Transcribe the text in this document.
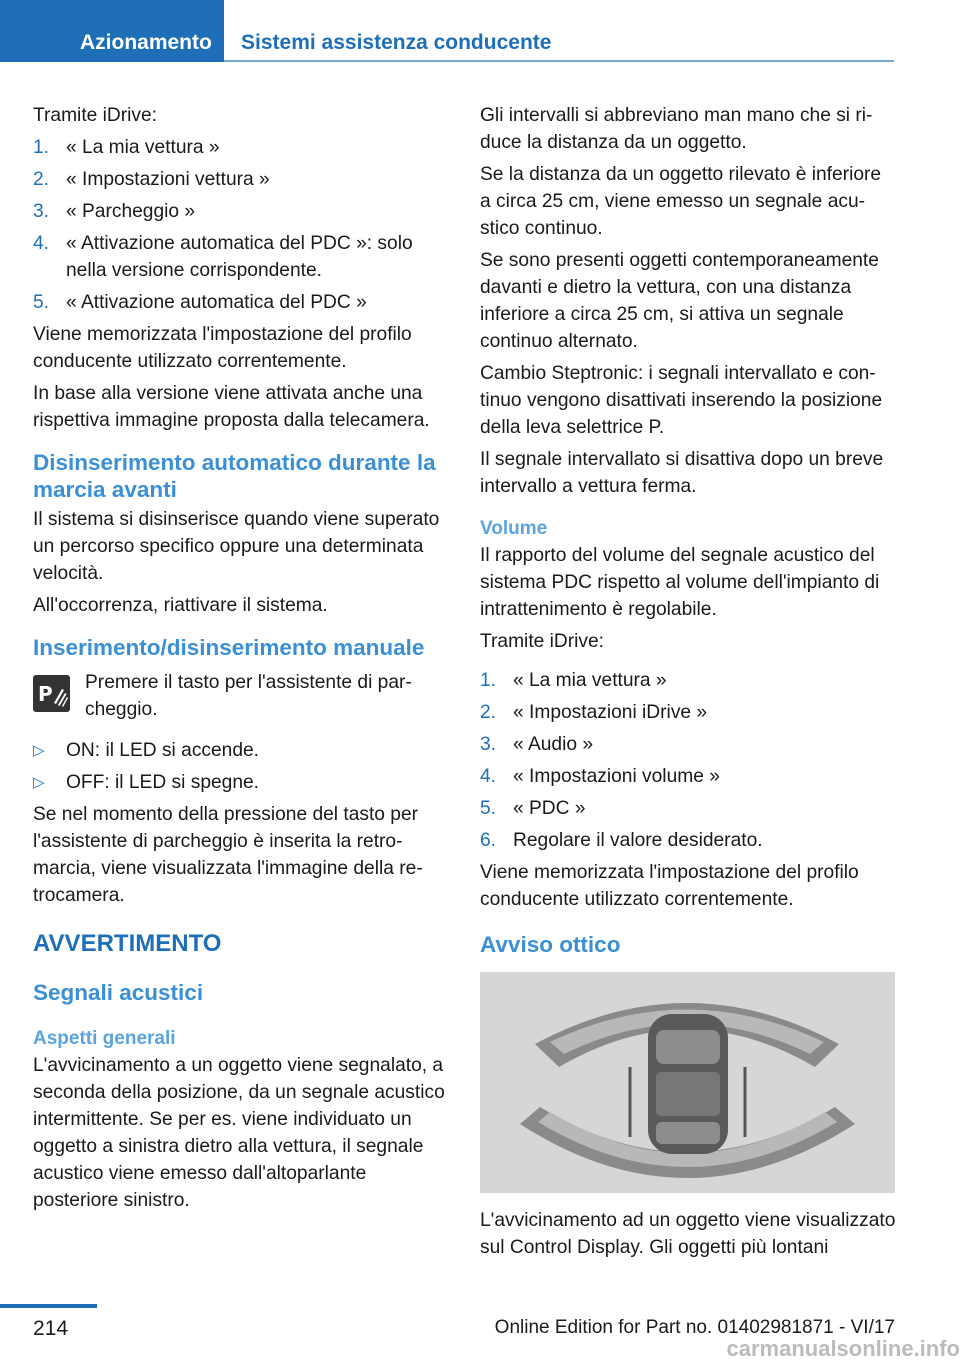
Azionamento	Sistemi assistenza conducente
Tramite iDrive:
1. « La mia vettura »
2. « Impostazioni vettura »
3. « Parcheggio »
4. « Attivazione automatica del PDC »: solo nella versione corrispondente.
5. « Attivazione automatica del PDC »
Viene memorizzata l'impostazione del profilo conducente utilizzato correntemente.
In base alla versione viene attivata anche una rispettiva immagine proposta dalla telecamera.
Disinserimento automatico durante la marcia avanti
Il sistema si disinserisce quando viene superato un percorso specifico oppure una determinata velocità.
All'occorrenza, riattivare il sistema.
Inserimento/disinserimento manuale
P Premere il tasto per l'assistente di parcheggio.
▷ ON: il LED si accende.
▷ OFF: il LED si spegne.
Se nel momento della pressione del tasto per l'assistente di parcheggio è inserita la retromarcia, viene visualizzata l'immagine della retrocamera.
AVVERTIMENTO
Segnali acustici
Aspetti generali
L'avvicinamento a un oggetto viene segnalato, a seconda della posizione, da un segnale acustico intermittente. Se per es. viene individuato un oggetto a sinistra dietro alla vettura, il segnale acustico viene emesso dall'altoparlante posteriore sinistro.
Gli intervalli si abbreviano man mano che si riduce la distanza da un oggetto.
Se la distanza da un oggetto rilevato è inferiore a circa 25 cm, viene emesso un segnale acustico continuo.
Se sono presenti oggetti contemporaneamente davanti e dietro la vettura, con una distanza inferiore a circa 25 cm, si attiva un segnale continuo alternato.
Cambio Steptronic: i segnali intervallato e continuo vengono disattivati inserendo la posizione della leva selettrice P.
Il segnale intervallato si disattiva dopo un breve intervallo a vettura ferma.
Volume
Il rapporto del volume del segnale acustico del sistema PDC rispetto al volume dell'impianto di intrattenimento è regolabile.
Tramite iDrive:
1. « La mia vettura »
2. « Impostazioni iDrive »
3. « Audio »
4. « Impostazioni volume »
5. « PDC »
6. Regolare il valore desiderato.
Viene memorizzata l'impostazione del profilo conducente utilizzato correntemente.
Avviso ottico
L'avvicinamento ad un oggetto viene visualizzato sul Control Display. Gli oggetti più lontani
214	Online Edition for Part no. 01402981871 - VI/17
carmanualsonline.info
